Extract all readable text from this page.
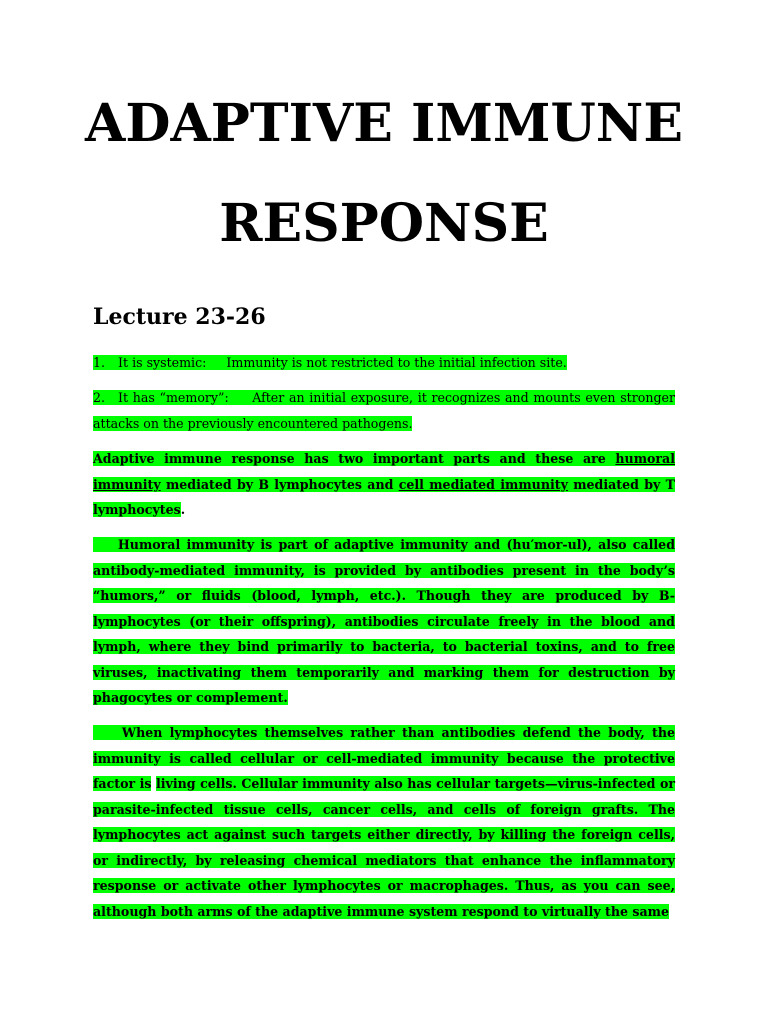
ADAPTIVE IMMUNE
RESPONSE

Lecture 23-26

1. It is systemic: Immunity is not restricted to the initial infection site.

2. It has “memory”: After an initial exposure, it recognizes and mounts even stronger attacks on the previously encountered pathogens.

Adaptive immune response has two important parts and these are humoral immunity mediated by B lymphocytes and cell mediated immunity mediated by T lymphocytes.

Humoral immunity is part of adaptive immunity and (hu′mor-ul), also called antibody-mediated immunity, is provided by antibodies present in the body’s “humors,” or fluids (blood, lymph, etc.). Though they are produced by B-lymphocytes (or their offspring), antibodies circulate freely in the blood and lymph, where they bind primarily to bacteria, to bacterial toxins, and to free viruses, inactivating them temporarily and marking them for destruction by phagocytes or complement.

When lymphocytes themselves rather than antibodies defend the body, the immunity is called cellular or cell-mediated immunity because the protective factor is living cells. Cellular immunity also has cellular targets—virus-infected or parasite-infected tissue cells, cancer cells, and cells of foreign grafts. The lymphocytes act against such targets either directly, by killing the foreign cells, or indirectly, by releasing chemical mediators that enhance the inflammatory response or activate other lymphocytes or macrophages. Thus, as you can see, although both arms of the adaptive immune system respond to virtually the same
